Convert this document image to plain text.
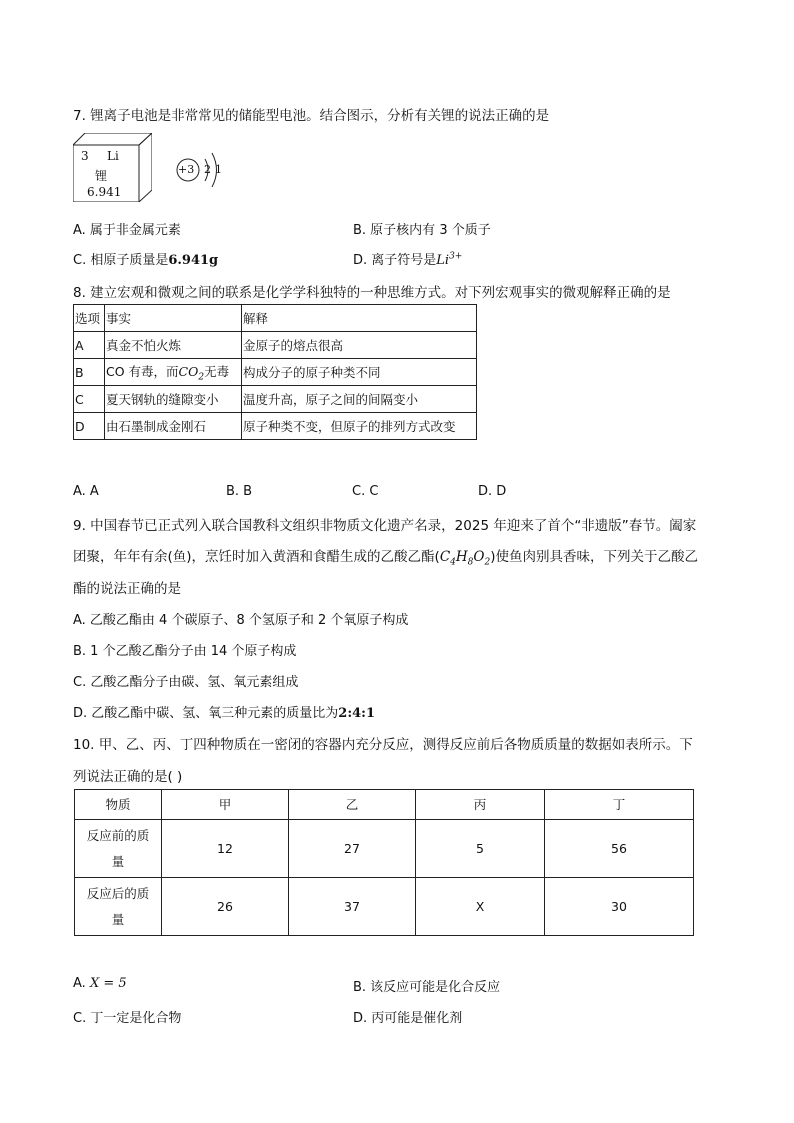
7. 锂离子电池是非常常见的储能型电池。结合图示，分析有关锂的说法正确的是
3 Li
锂
6.941
+3 2 1
A. 属于非金属元素	B. 原子核内有 3 个质子
C. 相原子质量是6.941g	D. 离子符号是$Li^{3+}$
8. 建立宏观和微观之间的联系是化学学科独特的一种思维方式。对下列宏观事实的微观解释正确的是
选项	事实	解释
A	真金不怕火炼	金原子的熔点很高
B	CO 有毒，而$CO_2$无毒	构成分子的原子种类不同
C	夏天钢轨的缝隙变小	温度升高，原子之间的间隔变小
D	由石墨制成金刚石	原子种类不变，但原子的排列方式改变
A. A	B. B	C. C	D. D
9. 中国春节已正式列入联合国教科文组织非物质文化遗产名录，2025 年迎来了首个“非遗版”春节。阖家
团聚，年年有余(鱼)，烹饪时加入黄酒和食醋生成的乙酸乙酯$(C_4H_8O_2)$使鱼肉别具香味，下列关于乙酸乙
酯的说法正确的是
A. 乙酸乙酯由 4 个碳原子、8 个氢原子和 2 个氧原子构成
B. 1 个乙酸乙酯分子由 14 个原子构成
C. 乙酸乙酯分子由碳、氢、氧元素组成
D. 乙酸乙酯中碳、氢、氧三种元素的质量比为2:4:1
10. 甲、乙、丙、丁四种物质在一密闭的容器内充分反应，测得反应前后各物质质量的数据如表所示。下
列说法正确的是( )
物质	甲	乙	丙	丁

反应前的质
量	12	27	5	56

反应后的质
量	26	37	X	30
A. X = 5	B. 该反应可能是化合反应
C. 丁一定是化合物	D. 丙可能是催化剂
